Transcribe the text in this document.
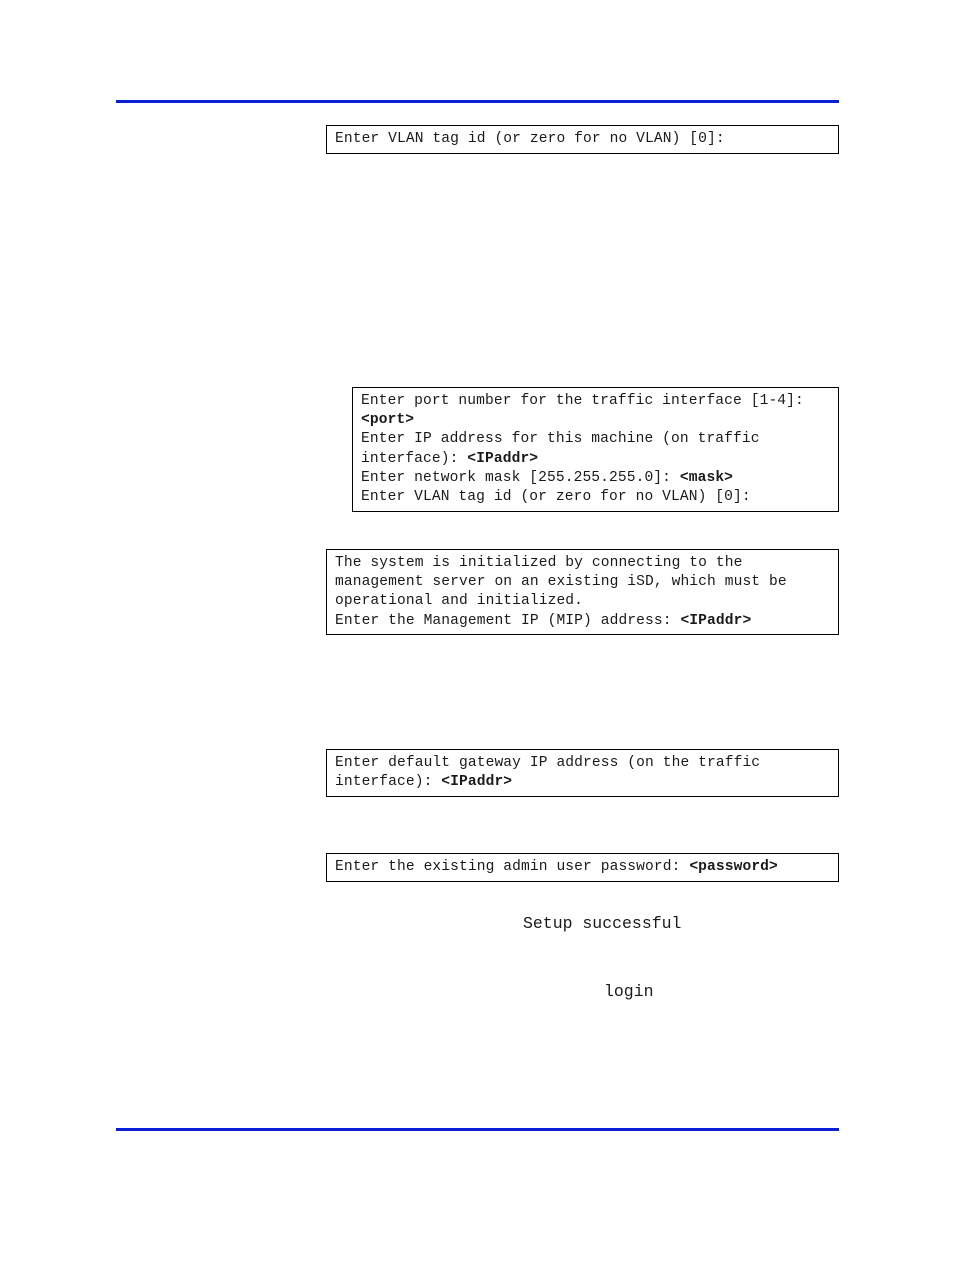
Enter VLAN tag id (or zero for no VLAN) [0]:
Enter port number for the traffic interface [1-4]:
<port>
Enter IP address for this machine (on traffic
interface): <IPaddr>
Enter network mask [255.255.255.0]: <mask>
Enter VLAN tag id (or zero for no VLAN) [0]:
The system is initialized by connecting to the
management server on an existing iSD, which must be
operational and initialized.
Enter the Management IP (MIP) address: <IPaddr>
Enter default gateway IP address (on the traffic
interface): <IPaddr>
Enter the existing admin user password: <password>
Setup successful
login
